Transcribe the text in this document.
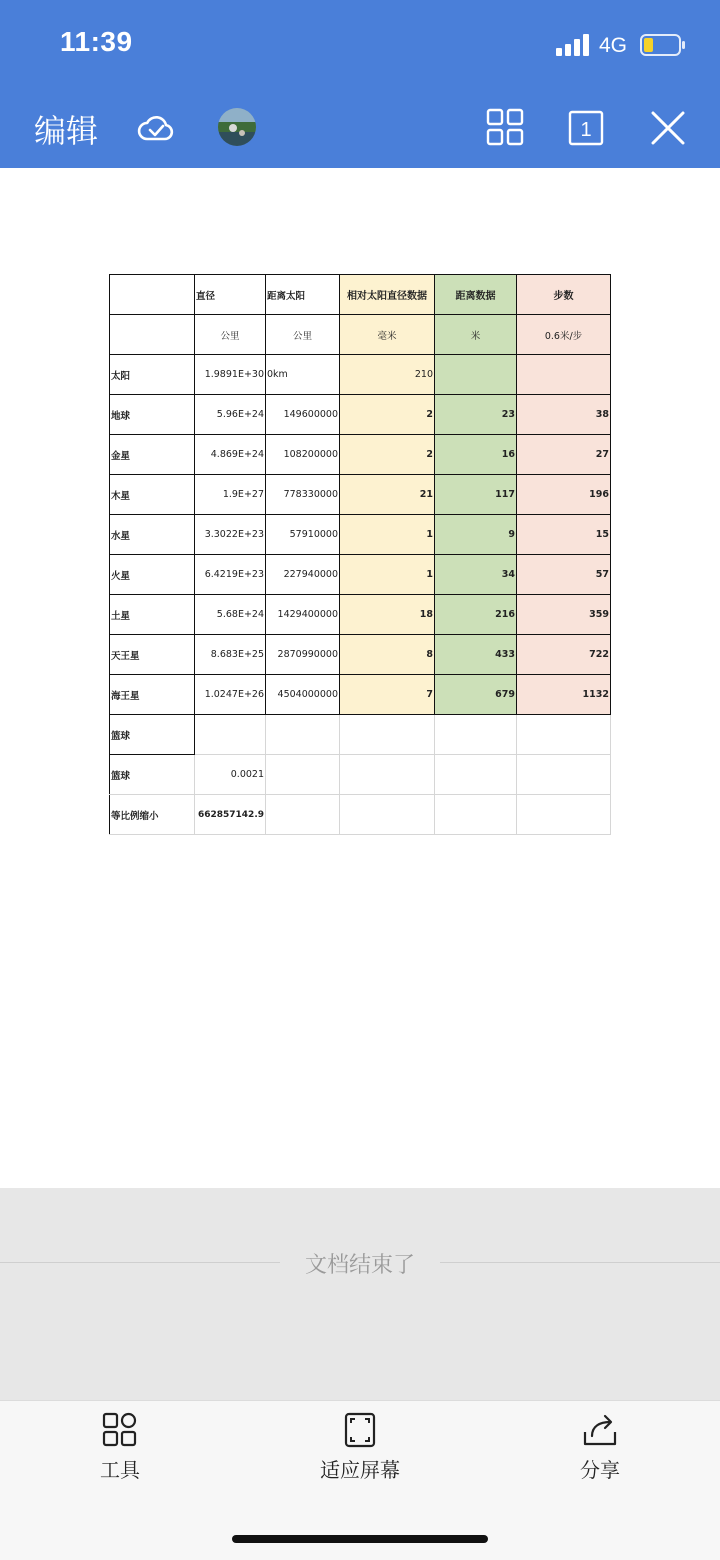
11:39	4G
编辑	1
	直径	距离太阳	相对太阳直径数据	距离数据	步数
	公里	公里	毫米	米	0.6米/步
太阳	1.9891E+30	0km	210		
地球	5.96E+24	149600000	2	23	38
金星	4.869E+24	108200000	2	16	27
木星	1.9E+27	778330000	21	117	196
水星	3.3022E+23	57910000	1	9	15
火星	6.4219E+23	227940000	1	34	57
土星	5.68E+24	1429400000	18	216	359
天王星	8.683E+25	2870990000	8	433	722
海王星	1.0247E+26	4504000000	7	679	1132
篮球					
篮球	0.0021				
等比例缩小	662857142.9				
文档结束了
工具	适应屏幕	分享
